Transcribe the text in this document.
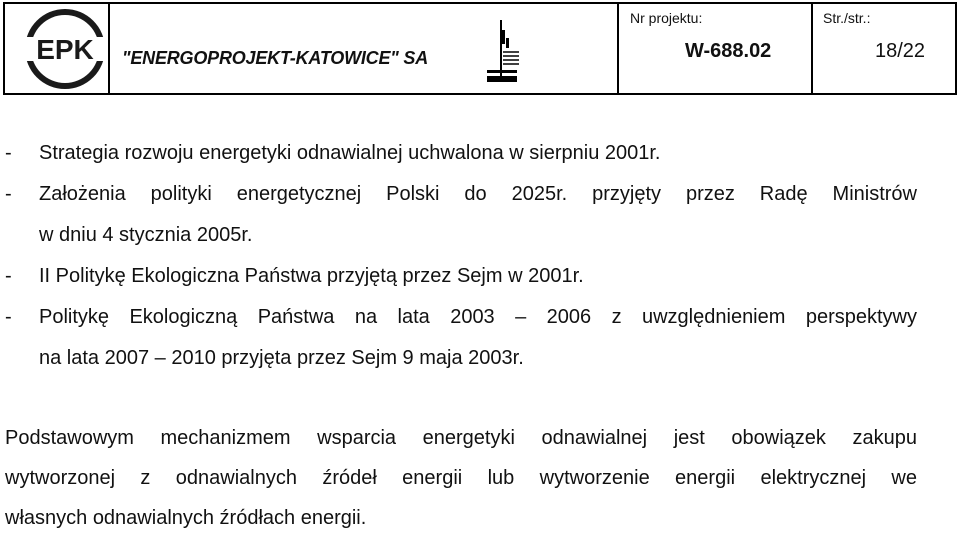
EPK "ENERGOPROJEKT-KATOWICE" SA
Nr projektu:
W-688.02
Str./str.:
18/22
- Strategia rozwoju energetyki odnawialnej uchwalona w sierpniu 2001r.
- Założenia polityki energetycznej Polski do 2025r. przyjęty przez Radę Ministrów
w dniu 4 stycznia 2005r.
- II Politykę Ekologiczna Państwa przyjętą przez Sejm w 2001r.
- Politykę Ekologiczną Państwa na lata 2003 – 2006 z uwzględnieniem perspektywy
na lata 2007 – 2010 przyjęta przez Sejm 9 maja 2003r.
Podstawowym mechanizmem wsparcia energetyki odnawialnej jest obowiązek zakupu
wytworzonej z odnawialnych źródeł energii lub wytworzenie energii elektrycznej we
własnych odnawialnych źródłach energii.
